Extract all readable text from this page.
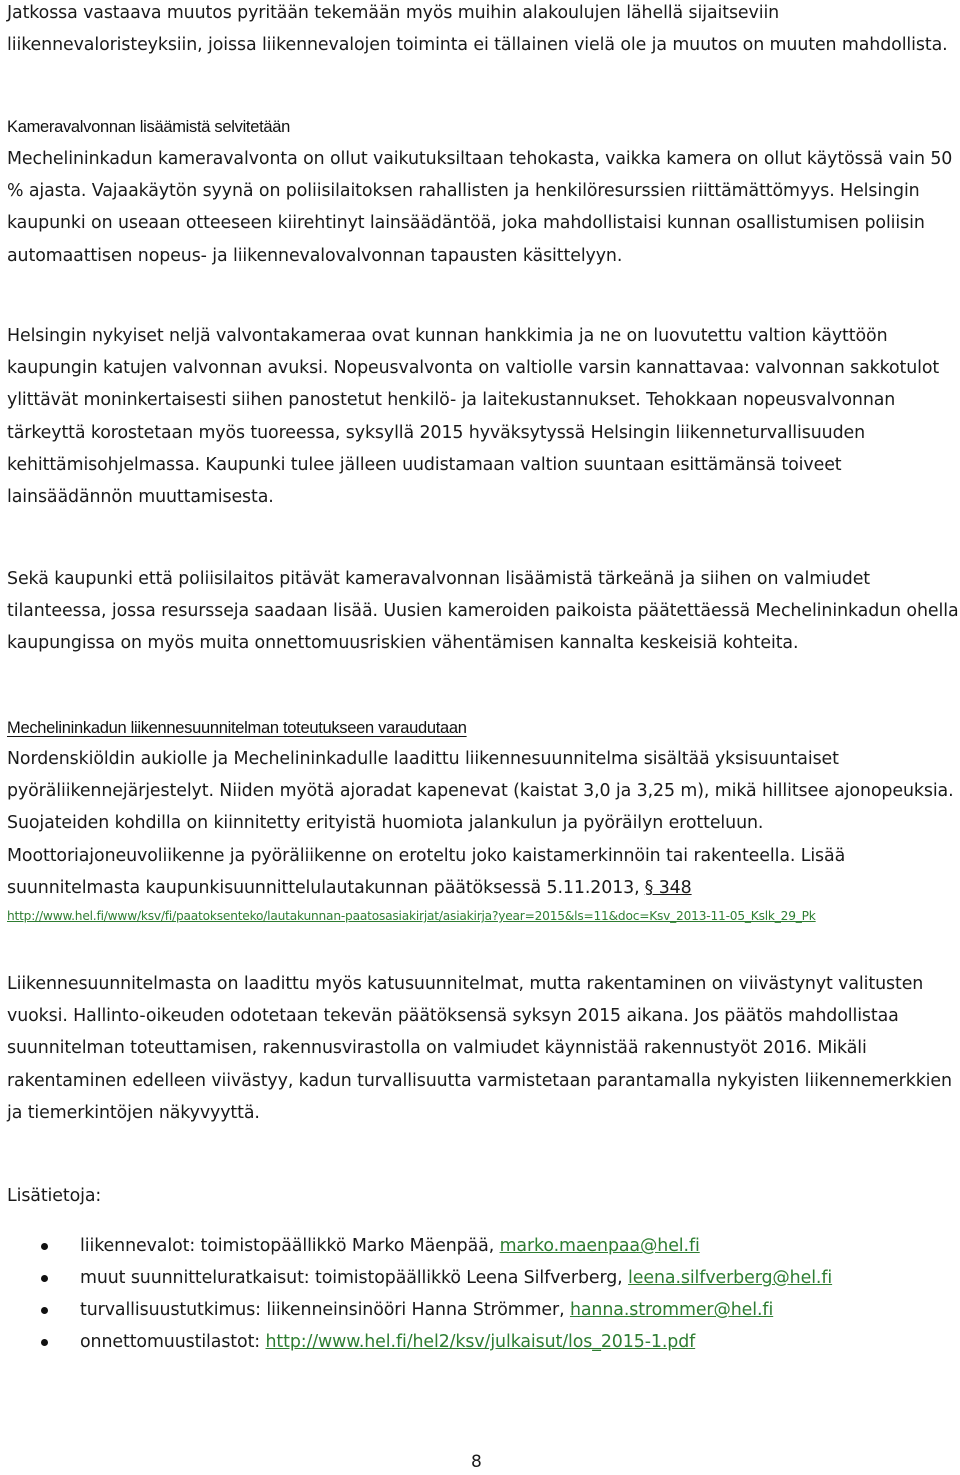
Jatkossa vastaava muutos pyritään tekemään myös muihin alakoulujen lähellä sijaitseviin liikennevaloristeyksiin, joissa liikennevalojen toiminta ei tällainen vielä ole ja muutos on muuten mahdollista.

Kameravalvonnan lisäämistä selvitetään

Mechelininkadun kameravalvonta on ollut vaikutuksiltaan tehokasta, vaikka kamera on ollut käytössä vain 50 % ajasta. Vajaakäytön syynä on poliisilaitoksen rahallisten ja henkilöresurssien riittämättömyys. Helsingin kaupunki on useaan otteeseen kiirehtinyt lainsäädäntöä, joka mahdollistaisi kunnan osallistumisen poliisin automaattisen nopeus- ja liikennevalovalvonnan tapausten käsittelyyn.

Helsingin nykyiset neljä valvontakameraa ovat kunnan hankkimia ja ne on luovutettu valtion käyttöön kaupungin katujen valvonnan avuksi. Nopeusvalvonta on valtiolle varsin kannattavaa: valvonnan sakkotulot ylittävät moninkertaisesti siihen panostetut henkilö- ja laitekustannukset. Tehokkaan nopeusvalvonnan tärkeyttä korostetaan myös tuoreessa, syksyllä 2015 hyväksytyssä Helsingin liikenneturvallisuuden kehittämisohjelmassa. Kaupunki tulee jälleen uudistamaan valtion suuntaan esittämänsä toiveet lainsäädännön muuttamisesta.

Sekä kaupunki että poliisilaitos pitävät kameravalvonnan lisäämistä tärkeänä ja siihen on valmiudet tilanteessa, jossa resursseja saadaan lisää. Uusien kameroiden paikoista päätettäessä Mechelininkadun ohella kaupungissa on myös muita onnettomuusriskien vähentämisen kannalta keskeisiä kohteita.

Mechelininkadun liikennesuunnitelman toteutukseen varaudutaan

Nordenskiöldin aukiolle ja Mechelininkadulle laadittu liikennesuunnitelma sisältää yksisuuntaiset pyöräliikennejärjestelyt. Niiden myötä ajoradat kapenevat (kaistat 3,0 ja 3,25 m), mikä hillitsee ajonopeuksia. Suojateiden kohdilla on kiinnitetty erityistä huomiota jalankulun ja pyöräilyn erotteluun. Moottoriajoneuvoliikenne ja pyöräliikenne on eroteltu joko kaistamerkinnöin tai rakenteella. Lisää suunnitelmasta kaupunkisuunnittelulautakunnan päätöksessä 5.11.2013,

§ 348

http://www.hel.fi/www/ksv/fi/paatoksenteko/lautakunnan-paatosasiakirjat/asiakirja?year=2015&ls=11&doc=Ksv_2013-11-05_Kslk_29_Pk

Liikennesuunnitelmasta on laadittu myös katusuunnitelmat, mutta rakentaminen on viivästynyt valitusten vuoksi. Hallinto-oikeuden odotetaan tekevän päätöksensä syksyn 2015 aikana. Jos päätös mahdollistaa suunnitelman toteuttamisen, rakennusvirastolla on valmiudet käynnistää rakennustyöt 2016. Mikäli rakentaminen edelleen viivästyy, kadun turvallisuutta varmistetaan parantamalla nykyisten liikennemerkkien ja tiemerkintöjen näkyvyyttä.

Lisätietoja:

liikennevalot: toimistopäällikkö Marko Mäenpää, marko.maenpaa@hel.fi
muut suunnitteluratkaisut: toimistopäällikkö Leena Silfverberg, leena.silfverberg@hel.fi
turvallisuustutkimus: liikenneinsinööri Hanna Strömmer, hanna.strommer@hel.fi
onnettomuustilastot: http://www.hel.fi/hel2/ksv/julkaisut/los_2015-1.pdf
8
